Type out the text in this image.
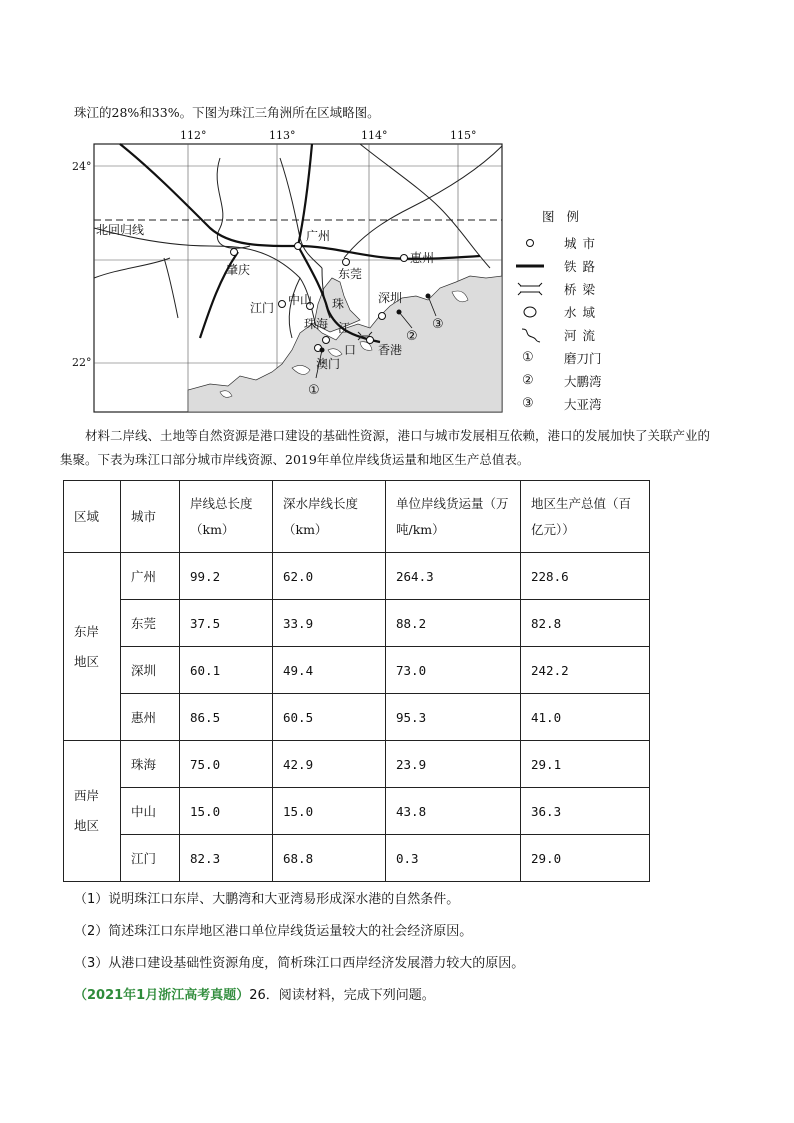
珠江的28%和33%。下图为珠江三角洲所在区域略图。
112°	113°	114°	115°
24°
22°
北回归线	广州
东莞
惠州
肇庆
江门
中山	深圳
珠海
澳门
香港
珠
江
口
①
②
③
图例
城市
铁路
桥梁
水域
河流
①	磨刀门
②	大鹏湾
③	大亚湾
材料二岸线、土地等自然资源是港口建设的基础性资源，港口与城市发展相互依赖，港口的发展加快了关联产业的集聚。下表为珠江口部分城市岸线资源、2019年单位岸线货运量和地区生产总值表。
区域	城市	岸线总长度（km）	深水岸线长度（km）	单位岸线货运量（万吨/km）	地区生产总值（百亿元））
东岸地区	广州	99.2	62.0	264.3	228.6
	东莞	37.5	33.9	88.2	82.8
	深圳	60.1	49.4	73.0	242.2
	惠州	86.5	60.5	95.3	41.0
西岸地区	珠海	75.0	42.9	23.9	29.1
	中山	15.0	15.0	43.8	36.3
	江门	82.3	68.8	0.3	29.0
（1）说明珠江口东岸、大鹏湾和大亚湾易形成深水港的自然条件。
（2）简述珠江口东岸地区港口单位岸线货运量较大的社会经济原因。
（3）从港口建设基础性资源角度，简析珠江口西岸经济发展潜力较大的原因。
（2021年1月浙江高考真题）26．阅读材料，完成下列问题。
